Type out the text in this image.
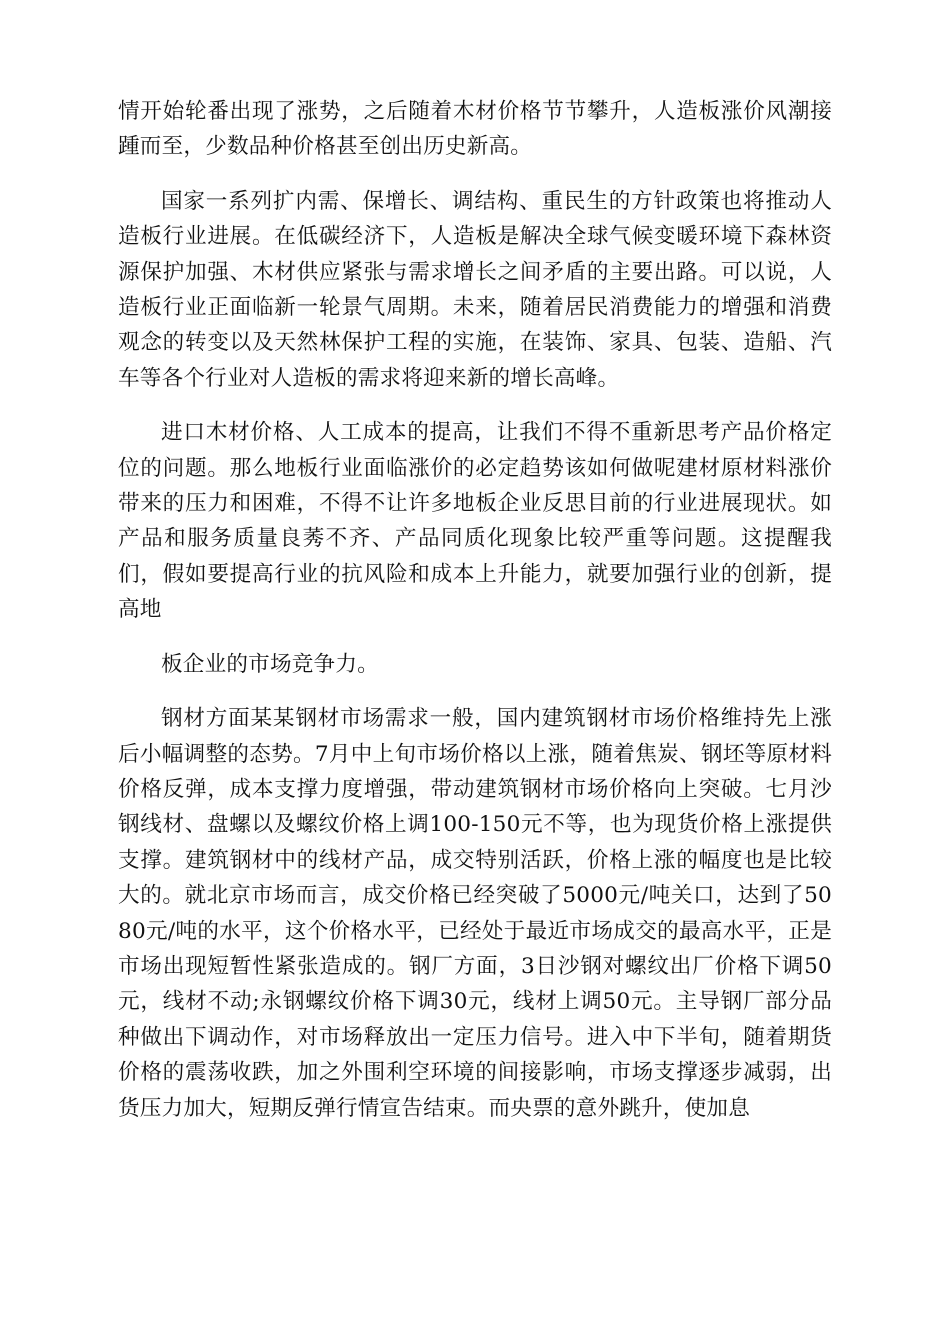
情开始轮番出现了涨势，之后随着木材价格节节攀升，人造板涨价风潮接踵而至，少数品种价格甚至创出历史新高。

国家一系列扩内需、保增长、调结构、重民生的方针政策也将推动人造板行业进展。在低碳经济下，人造板是解决全球气候变暖环境下森林资源保护加强、木材供应紧张与需求增长之间矛盾的主要出路。可以说，人造板行业正面临新一轮景气周期。未来，随着居民消费能力的增强和消费观念的转变以及天然林保护工程的实施，在装饰、家具、包装、造船、汽车等各个行业对人造板的需求将迎来新的增长高峰。

进口木材价格、人工成本的提高，让我们不得不重新思考产品价格定位的问题。那么地板行业面临涨价的必定趋势该如何做呢建材原材料涨价带来的压力和困难，不得不让许多地板企业反思目前的行业进展现状。如产品和服务质量良莠不齐、产品同质化现象比较严重等问题。这提醒我们，假如要提高行业的抗风险和成本上升能力，就要加强行业的创新，提高地

板企业的市场竞争力。

钢材方面某某钢材市场需求一般，国内建筑钢材市场价格维持先上涨后小幅调整的态势。7月中上旬市场价格以上涨，随着焦炭、钢坯等原材料价格反弹，成本支撑力度增强，带动建筑钢材市场价格向上突破。七月沙钢线材、盘螺以及螺纹价格上调100-150元不等，也为现货价格上涨提供支撑。建筑钢材中的线材产品，成交特别活跃，价格上涨的幅度也是比较大的。就北京市场而言，成交价格已经突破了5000元/吨关口，达到了5080元/吨的水平，这个价格水平，已经处于最近市场成交的最高水平，正是市场出现短暂性紧张造成的。钢厂方面，3日沙钢对螺纹出厂价格下调50元，线材不动;永钢螺纹价格下调30元，线材上调50元。主导钢厂部分品种做出下调动作，对市场释放出一定压力信号。进入中下半旬，随着期货价格的震荡收跌，加之外围利空环境的间接影响，市场支撑逐步减弱，出货压力加大，短期反弹行情宣告结束。而央票的意外跳升，使加息
